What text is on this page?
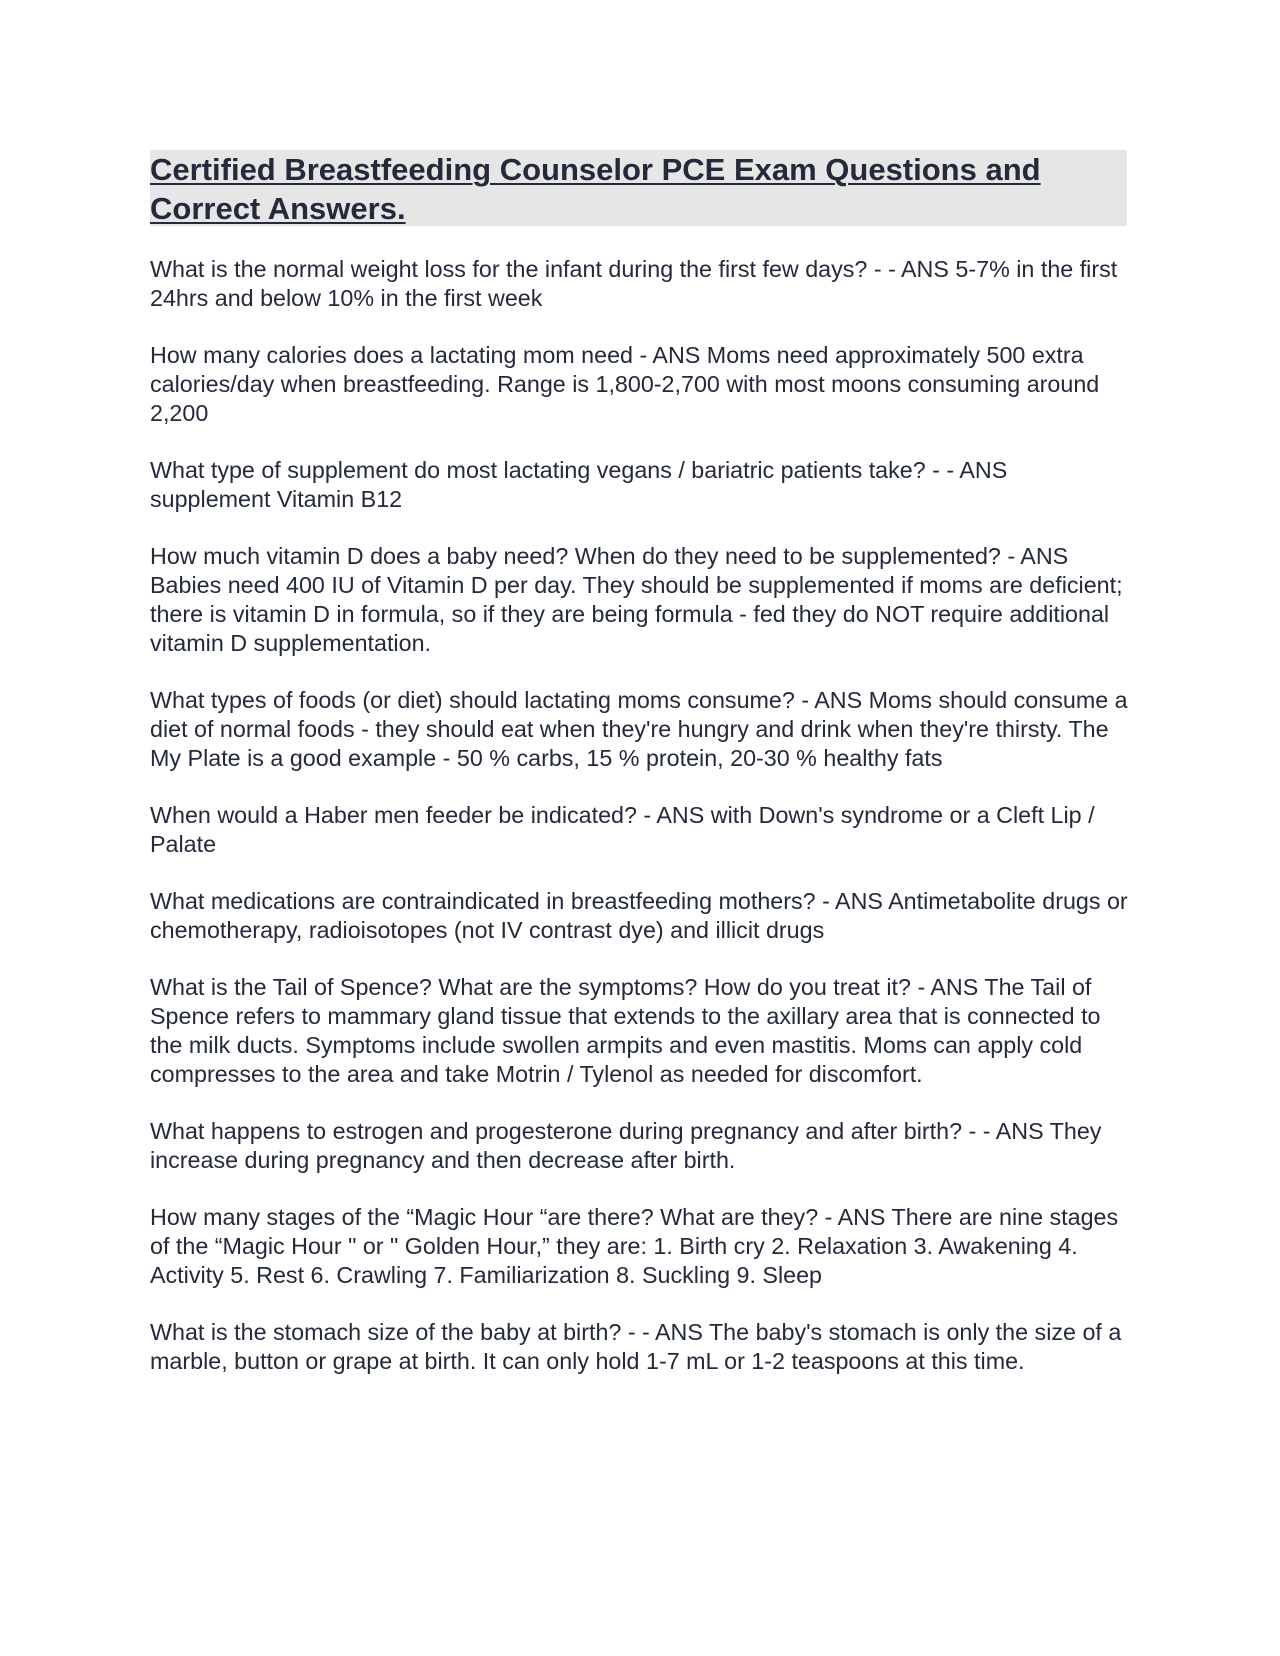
Certified Breastfeeding Counselor PCE Exam Questions and
Correct Answers.
What is the normal weight loss for the infant during the first few days? - - ANS 5-7% in the first 24hrs and below 10% in the first week
How many calories does a lactating mom need - ANS Moms need approximately 500 extra calories/day when breastfeeding. Range is 1,800-2,700 with most moons consuming around 2,200
What type of supplement do most lactating vegans / bariatric patients take? - - ANS supplement Vitamin B12
How much vitamin D does a baby need? When do they need to be supplemented? - ANS Babies need 400 IU of Vitamin D per day. They should be supplemented if moms are deficient; there is vitamin D in formula, so if they are being formula - fed they do NOT require additional vitamin D supplementation.
What types of foods (or diet) should lactating moms consume? - ANS Moms should consume a diet of normal foods - they should eat when they're hungry and drink when they're thirsty. The My Plate is a good example - 50 % carbs, 15 % protein, 20-30 % healthy fats
When would a Haber men feeder be indicated? - ANS with Down's syndrome or a Cleft Lip / Palate
What medications are contraindicated in breastfeeding mothers? - ANS Antimetabolite drugs or chemotherapy, radioisotopes (not IV contrast dye) and illicit drugs
What is the Tail of Spence? What are the symptoms? How do you treat it? - ANS The Tail of Spence refers to mammary gland tissue that extends to the axillary area that is connected to the milk ducts. Symptoms include swollen armpits and even mastitis. Moms can apply cold compresses to the area and take Motrin / Tylenol as needed for discomfort.
What happens to estrogen and progesterone during pregnancy and after birth? - - ANS They increase during pregnancy and then decrease after birth.
How many stages of the “Magic Hour “are there? What are they? - ANS There are nine stages of the “Magic Hour " or " Golden Hour,” they are: 1. Birth cry 2. Relaxation 3. Awakening 4. Activity 5. Rest 6. Crawling 7. Familiarization 8. Suckling 9. Sleep
What is the stomach size of the baby at birth? - - ANS The baby's stomach is only the size of a marble, button or grape at birth. It can only hold 1-7 mL or 1-2 teaspoons at this time.
